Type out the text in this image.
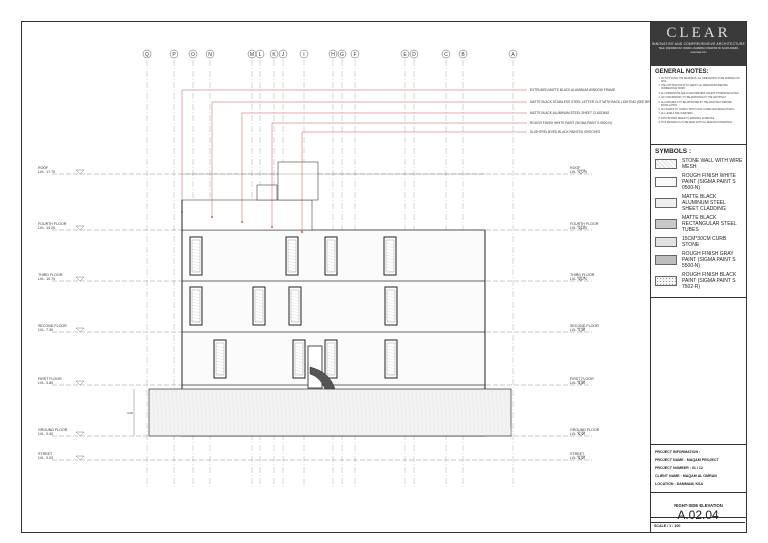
Q	P	O	N	M L K J	I	H G F	E D	C	B	A
ROOF
LVL. 17.70
ROOF
LVL. 17.70
FOURTH FLOOR
LVL. 14.20
FOURTH FLOOR
LVL. 14.20
THIRD FLOOR
LVL. 10.70
THIRD FLOOR
LVL. 10.70
SECOND FLOOR
LVL. 7.30
SECOND FLOOR
LVL. 7.30
FIRST FLOOR
LVL. 3.80
FIRST FLOOR
LVL. 3.80
GROUND FLOOR
LVL. 0.40
GROUND FLOOR
LVL. 0.40
STREET
LVL. 0.00
STREET
LVL. 0.00
3.00
EXTRUDED MATTE BLACK ALUMINUM WINDOW FRAME
MATTE BLACK STAINLESS STEEL LETTER CUT WITH BACK LIGHTING (SEE BR
MATTE BLACK ALUMINUM STEEL SHEET CLADDING
ROUGH FINISH WHITE PAINT (SIGMA PAINT S 0500-N)
SLIGHTRELIEVED BLACK PAINTED GROOVES
CLEAR
INNOVATIVE AND COMPREHENSIVE ARCHITECTURE
TELE: (00)00000 FAX: 000000 • DAMMAM, KINGDOM OF SAUDI ARABIA
www.clear.com
GENERAL NOTES:
1. DO NOT SCALE THE DRAWINGS. ALL DIMENSIONS TO BE VERIFIED ON SITE.
2. THE CONTRACTOR IS TO VERIFY ALL DIMENSIONS BEFORE COMMENCING WORK.
3. ALL DIMENSIONS ARE IN CENTIMETERS UNLESS OTHERWISE NOTED.
4. ANY DISCREPANCY TO BE REPORTED TO THE ARCHITECT.
5. ALL MATERIALS TO BE APPROVED BY THE ARCHITECT BEFORE INSTALLATION.
6. ALL WORKS TO COMPLY WITH LOCAL CODES AND REGULATIONS.
7. ALL LEVELS ARE IN METERS.
8. FOR FINISHES REFER TO MATERIAL SCHEDULE.
9. THIS DRAWING IS TO BE READ WITH ALL RELEVANT DRAWINGS.
SYMBOLS :
STONE WALL WITH WIRE MESH
ROUGH FINISH WHITE PAINT (SIGMA PAINT S 0500-N)
MATTE BLACK ALUMINUM STEEL SHEET CLADDING
MATTE BLACK RECTANGULAR STEEL TUBES
15CM*30CM CURB STONE
ROUGH FINISH GRAY PAINT (SIGMA PAINT S 5500-N)
ROUGH FINISH BLACK PAINT (SIGMA PAINT S 7502-R)
PROJECT INFORMATION :
PROJECT NAME : MAQAM PROJECT
PROJECT NUMBER : 01 / 12
CLIENT NAME : MAQAM AL OMRAN
LOCATION : DAMMAM, KSA
RIGHT-SIDE ELEVATION
A.02.04
SCALE / 1 : 100
